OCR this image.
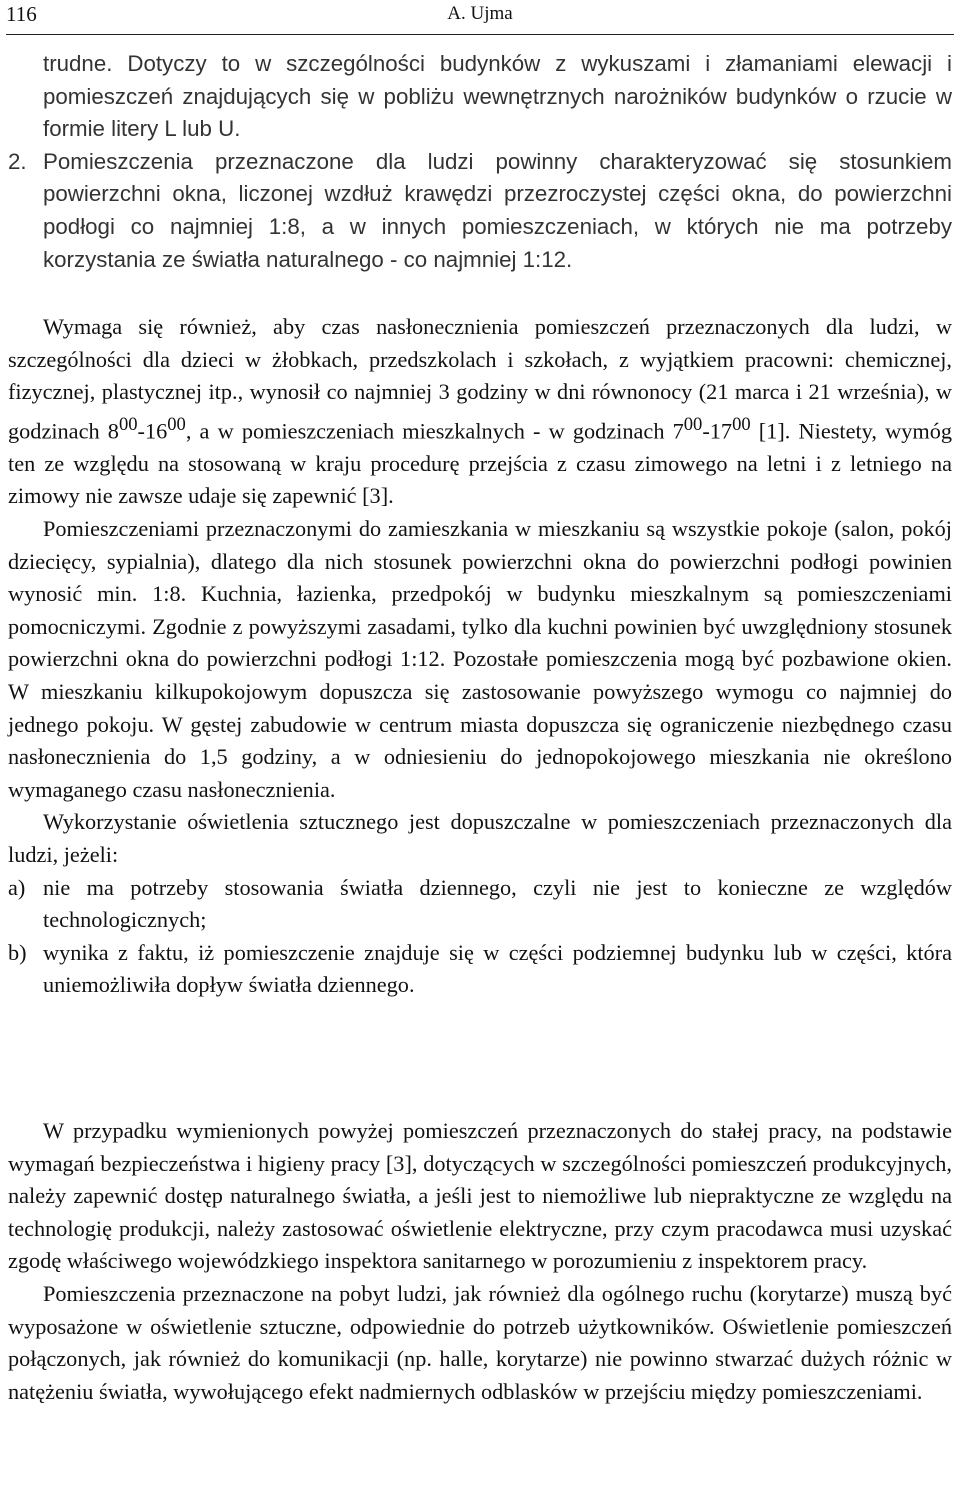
116	A. Ujma

trudne. Dotyczy to w szczególności budynków z wykuszami i złamaniami elewacji i pomieszczeń znajdujących się w pobliżu wewnętrznych narożników budynków o rzucie w formie litery L lub U.

2. Pomieszczenia przeznaczone dla ludzi powinny charakteryzować się stosunkiem powierzchni okna, liczonej wzdłuż krawędzi przezroczystej części okna, do powierzchni podłogi co najmniej 1:8, a w innych pomieszczeniach, w których nie ma potrzeby korzystania ze światła naturalnego - co najmniej 1:12.

Wymaga się również, aby czas nasłonecznienia pomieszczeń przeznaczonych dla ludzi, w szczególności dla dzieci w żłobkach, przedszkolach i szkołach, z wyjątkiem pracowni: chemicznej, fizycznej, plastycznej itp., wynosił co najmniej 3 godziny w dni równonocy (21 marca i 21 września), w godzinach $8^{00}-16^{00}$, a w pomieszczeniach mieszkalnych - w godzinach $7^{00}-17^{00}$ [1]. Niestety, wymóg ten ze względu na stosowaną w kraju procedurę przejścia z czasu zimowego na letni i z letniego na zimowy nie zawsze udaje się zapewnić [3].

Pomieszczeniami przeznaczonymi do zamieszkania w mieszkaniu są wszystkie pokoje (salon, pokój dziecięcy, sypialnia), dlatego dla nich stosunek powierzchni okna do powierzchni podłogi powinien wynosić min. 1:8. Kuchnia, łazienka, przedpokój w budynku mieszkalnym są pomieszczeniami pomocniczymi. Zgodnie z powyższymi zasadami, tylko dla kuchni powinien być uwzględniony stosunek powierzchni okna do powierzchni podłogi 1:12. Pozostałe pomieszczenia mogą być pozbawione okien. W mieszkaniu kilkupokojowym dopuszcza się zastosowanie powyższego wymogu co najmniej do jednego pokoju. W gęstej zabudowie w centrum miasta dopuszcza się ograniczenie niezbędnego czasu nasłonecznienia do 1,5 godziny, a w odniesieniu do jednopokojowego mieszkania nie określono wymaganego czasu nasłonecznienia.

Wykorzystanie oświetlenia sztucznego jest dopuszczalne w pomieszczeniach przeznaczonych dla ludzi, jeżeli:

a) nie ma potrzeby stosowania światła dziennego, czyli nie jest to konieczne ze względów technologicznych;
b) wynika z faktu, iż pomieszczenie znajduje się w części podziemnej budynku lub w części, która uniemożliwiła dopływ światła dziennego.

W przypadku wymienionych powyżej pomieszczeń przeznaczonych do stałej pracy, na podstawie wymagań bezpieczeństwa i higieny pracy [3], dotyczących w szczególności pomieszczeń produkcyjnych, należy zapewnić dostęp naturalnego światła, a jeśli jest to niemożliwe lub niepraktyczne ze względu na technologię produkcji, należy zastosować oświetlenie elektryczne, przy czym pracodawca musi uzyskać zgodę właściwego wojewódzkiego inspektora sanitarnego w porozumieniu z inspektorem pracy.

Pomieszczenia przeznaczone na pobyt ludzi, jak również dla ogólnego ruchu (korytarze) muszą być wyposażone w oświetlenie sztuczne, odpowiednie do potrzeb użytkowników. Oświetlenie pomieszczeń połączonych, jak również do komunikacji (np. halle, korytarze) nie powinno stwarzać dużych różnic w natężeniu światła, wywołującego efekt nadmiernych odblasków w przejściu między pomieszczeniami.
